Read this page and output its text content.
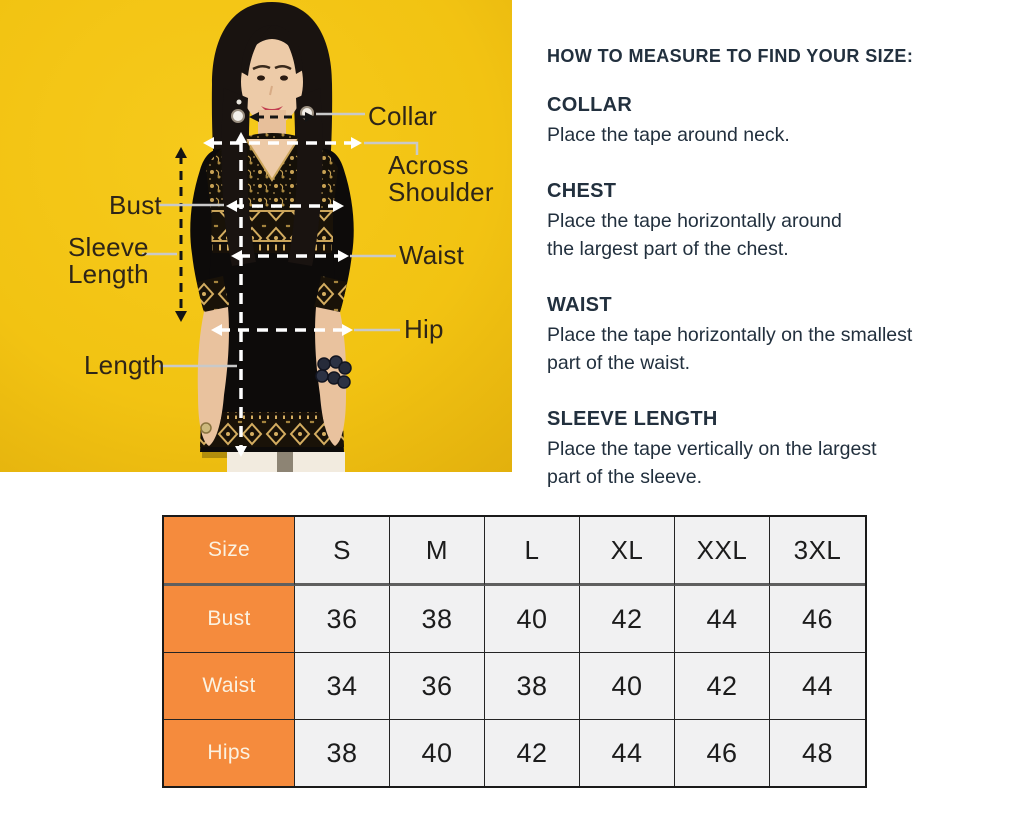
Collar
Across
Shoulder
Bust
Sleeve
Length
Waist
Hip
Length
HOW TO MEASURE TO FIND YOUR SIZE:
COLLAR
Place the tape around neck.
CHEST
Place the tape horizontally around
the largest part of the chest.
WAIST
Place the tape horizontally on the smallest
part of the waist.
SLEEVE LENGTH
Place the tape vertically on the largest
part of the sleeve.
Size	S	M	L	XL	XXL	3XL
Bust	36	38	40	42	44	46
Waist	34	36	38	40	42	44
Hips	38	40	42	44	46	48
